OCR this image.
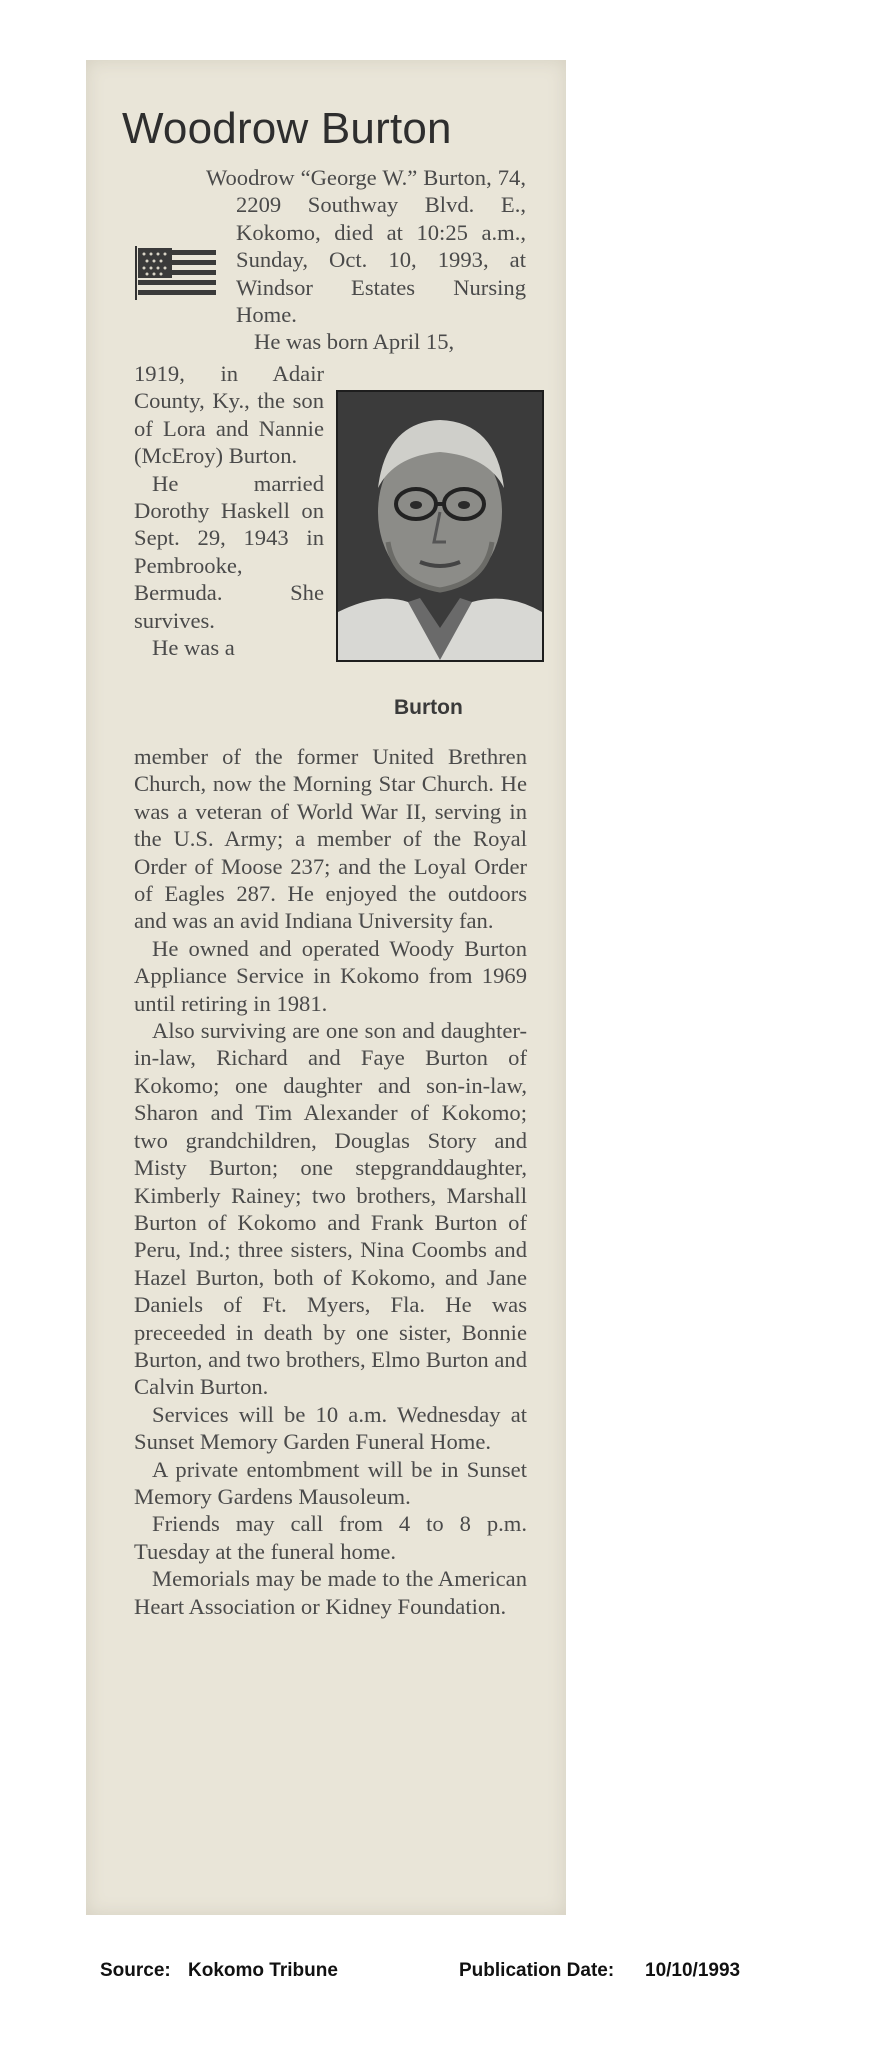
Woodrow Burton

Woodrow “George W.” Burton, 74, 2209 Southway Blvd. E., Kokomo, died at 10:25 a.m., Sunday, Oct. 10, 1993, at Windsor Estates Nursing Home.

He was born April 15,

1919, in Adair County, Ky., the son of Lora and Nannie (McEroy) Burton.

He married Dorothy Haskell on Sept. 29, 1943 in Pembrooke, Bermuda. She survives.

He was a

Burton

member of the former United Brethren Church, now the Morning Star Church. He was a veteran of World War II, serving in the U.S. Army; a member of the Royal Order of Moose 237; and the Loyal Order of Eagles 287. He enjoyed the outdoors and was an avid Indiana University fan.

He owned and operated Woody Burton Appliance Service in Kokomo from 1969 until retiring in 1981.

Also surviving are one son and daughter-in-law, Richard and Faye Burton of Kokomo; one daughter and son-in-law, Sharon and Tim Alexander of Kokomo; two grandchildren, Douglas Story and Misty Burton; one stepgranddaughter, Kimberly Rainey; two brothers, Marshall Burton of Kokomo and Frank Burton of Peru, Ind.; three sisters, Nina Coombs and Hazel Burton, both of Kokomo, and Jane Daniels of Ft. Myers, Fla. He was preceeded in death by one sister, Bonnie Burton, and two brothers, Elmo Burton and Calvin Burton.

Services will be 10 a.m. Wednesday at Sunset Memory Garden Funeral Home.

A private entombment will be in Sunset Memory Gardens Mausoleum.

Friends may call from 4 to 8 p.m. Tuesday at the funeral home.

Memorials may be made to the American Heart Association or Kidney Foundation.

Source: Kokomo Tribune	Publication Date: 10/10/1993
